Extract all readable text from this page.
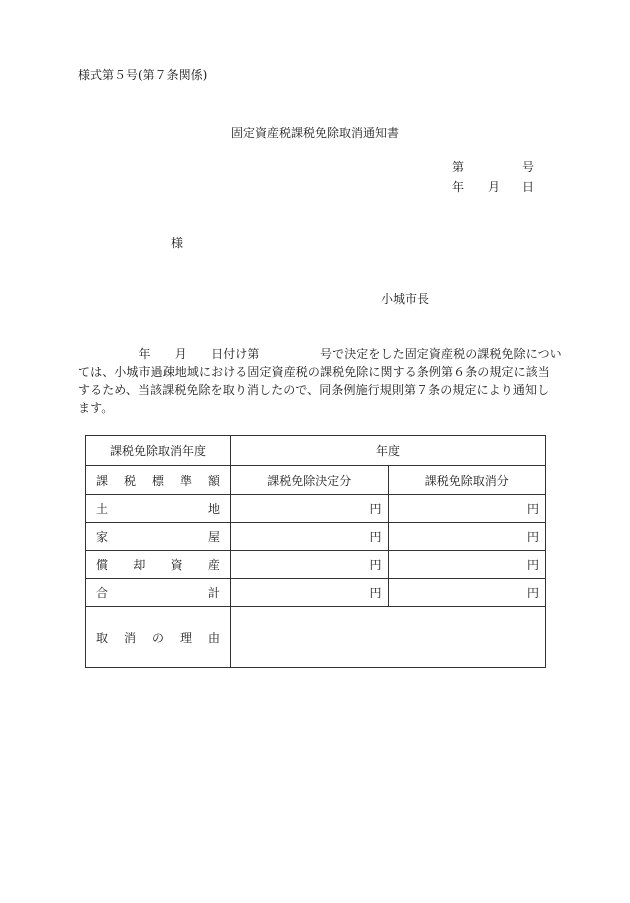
様式第５号(第７条関係)
固定資産税課税免除取消通知書
第	号
年 月 日
様
小城市長
　　　　　年　　月　　日付け第　　　　　号で決定をした固定資産税の課税免除につい
ては、小城市過疎地域における固定資産税の課税免除に関する条例第６条の規定に該当
するため、当該課税免除を取り消したので、同条例施行規則第７条の規定により通知し
ます。
課税免除取消年度	年度	

課 税 標 準 額	課税免除決定分	課税免除取消分

土 地	円	円

家 屋	円	円

償 却 資 産	円	円

合 計	円	円

取 消 の 理 由		
